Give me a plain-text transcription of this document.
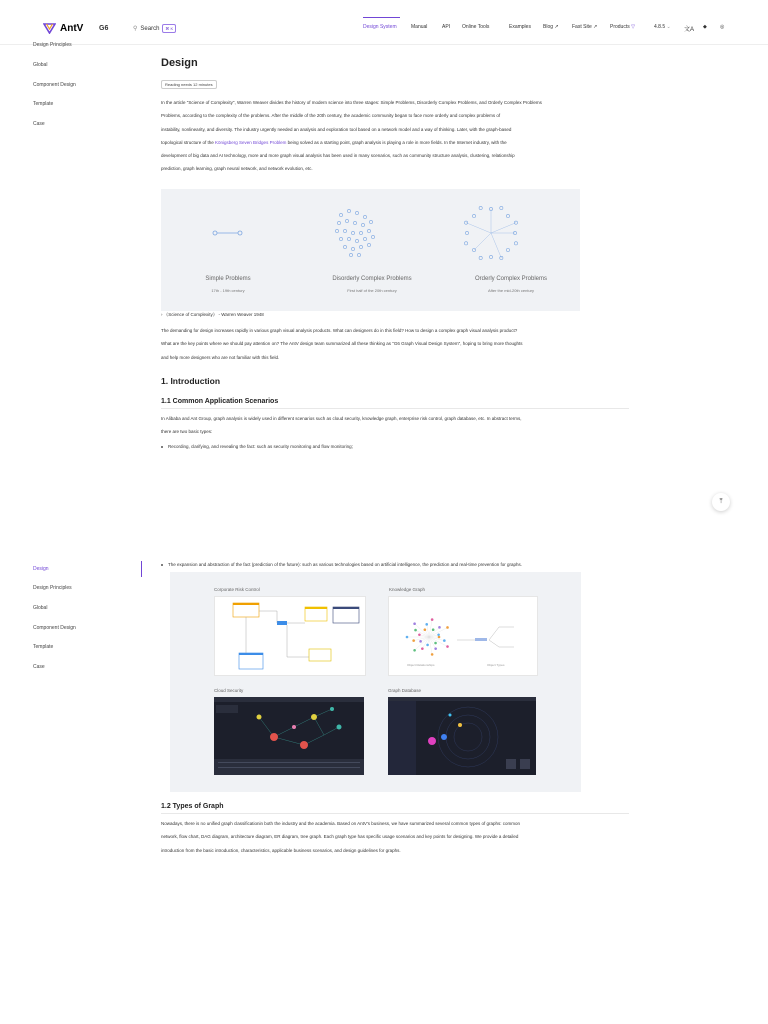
AntV G6	⚲ Search	⌘ K	Design System	Manual	API Online Tools	Examples Blog ↗	Fast Site ↗	Products ▽	4.8.5 ⌄ 文A ◆	◎
Design Principles
Global
Component Design
Template
Case
Design
Design Principles
Global
Component Design
Template
Case
Design
Reading needs 12 minutes
In the article "Science of Complexity", Warren Weaver divides the history of modern science into three stages: Simple Problems, Disorderly Complex Problems, and Orderly Complex Problems
Problems, according to the complexity of the problems. After the middle of the 20th century, the academic community began to face more orderly and complex problems of
instability, nonlinearity, and diversity. The industry urgently needed an analysis and exploration tool based on a network model and a way of thinking. Later, with the graph-based
topological structure of the Königsberg Seven Bridges Problem being solved as a starting point, graph analysis is playing a role in more fields. In the Internet industry, with the
development of big data and AI technology, more and more graph visual analysis has been used in many scenarios, such as community structure analysis, clustering, relationship
prediction, graph learning, graph neural network, and network evolution, etc.
Simple Problems
17th - 19th century
Disorderly Complex Problems
First half of the 20th century
Orderly Complex Problems
After the mid-20th century
› 《Science of Complexity》 - Warren Weaver 1948
The demanding for design increases rapidly in various graph visual analysis products. What can designers do in this field? How to design a complex graph visual analysis product?
What are the key points where we should pay attention on? The AntV design team summarized all these thinking as "G6 Graph Visual Design System", hoping to bring more thoughts
and help more designers who are not familiar with this field.
1. Introduction
1.1 Common Application Scenarios
In Alibaba and Ant Group, graph analysis is widely used in different scenarios such as cloud security, knowledge graph, enterprise risk control, graph database, etc. In abstract terms,
there are two basic types:
Recording, clarifying, and revealing the fact: such as security monitoring and flow monitoring;
⤒
The expansion and abstraction of the fact (prediction of the future): such as various technologies based on artificial intelligence, the prediction and real-time prevention for graphs.
Corporate Risk Control	Knowledge Graph
Object Relationships	Object Types
Cloud Security	Graph Database
1.2 Types of Graph
Nowadays, there is no unified graph classificationin both the industry and the academia. Based on AntV's business, we have summarized several common types of graphs: common
network, flow chart, DAG diagram, architecture diagram, ER diagram, tree graph. Each graph type has specific usage scenarios and key points for designing. We provide a detailed
introduction from the basic introduction, characteristics, applicable business scenarios, and design guidelines for graphs.
